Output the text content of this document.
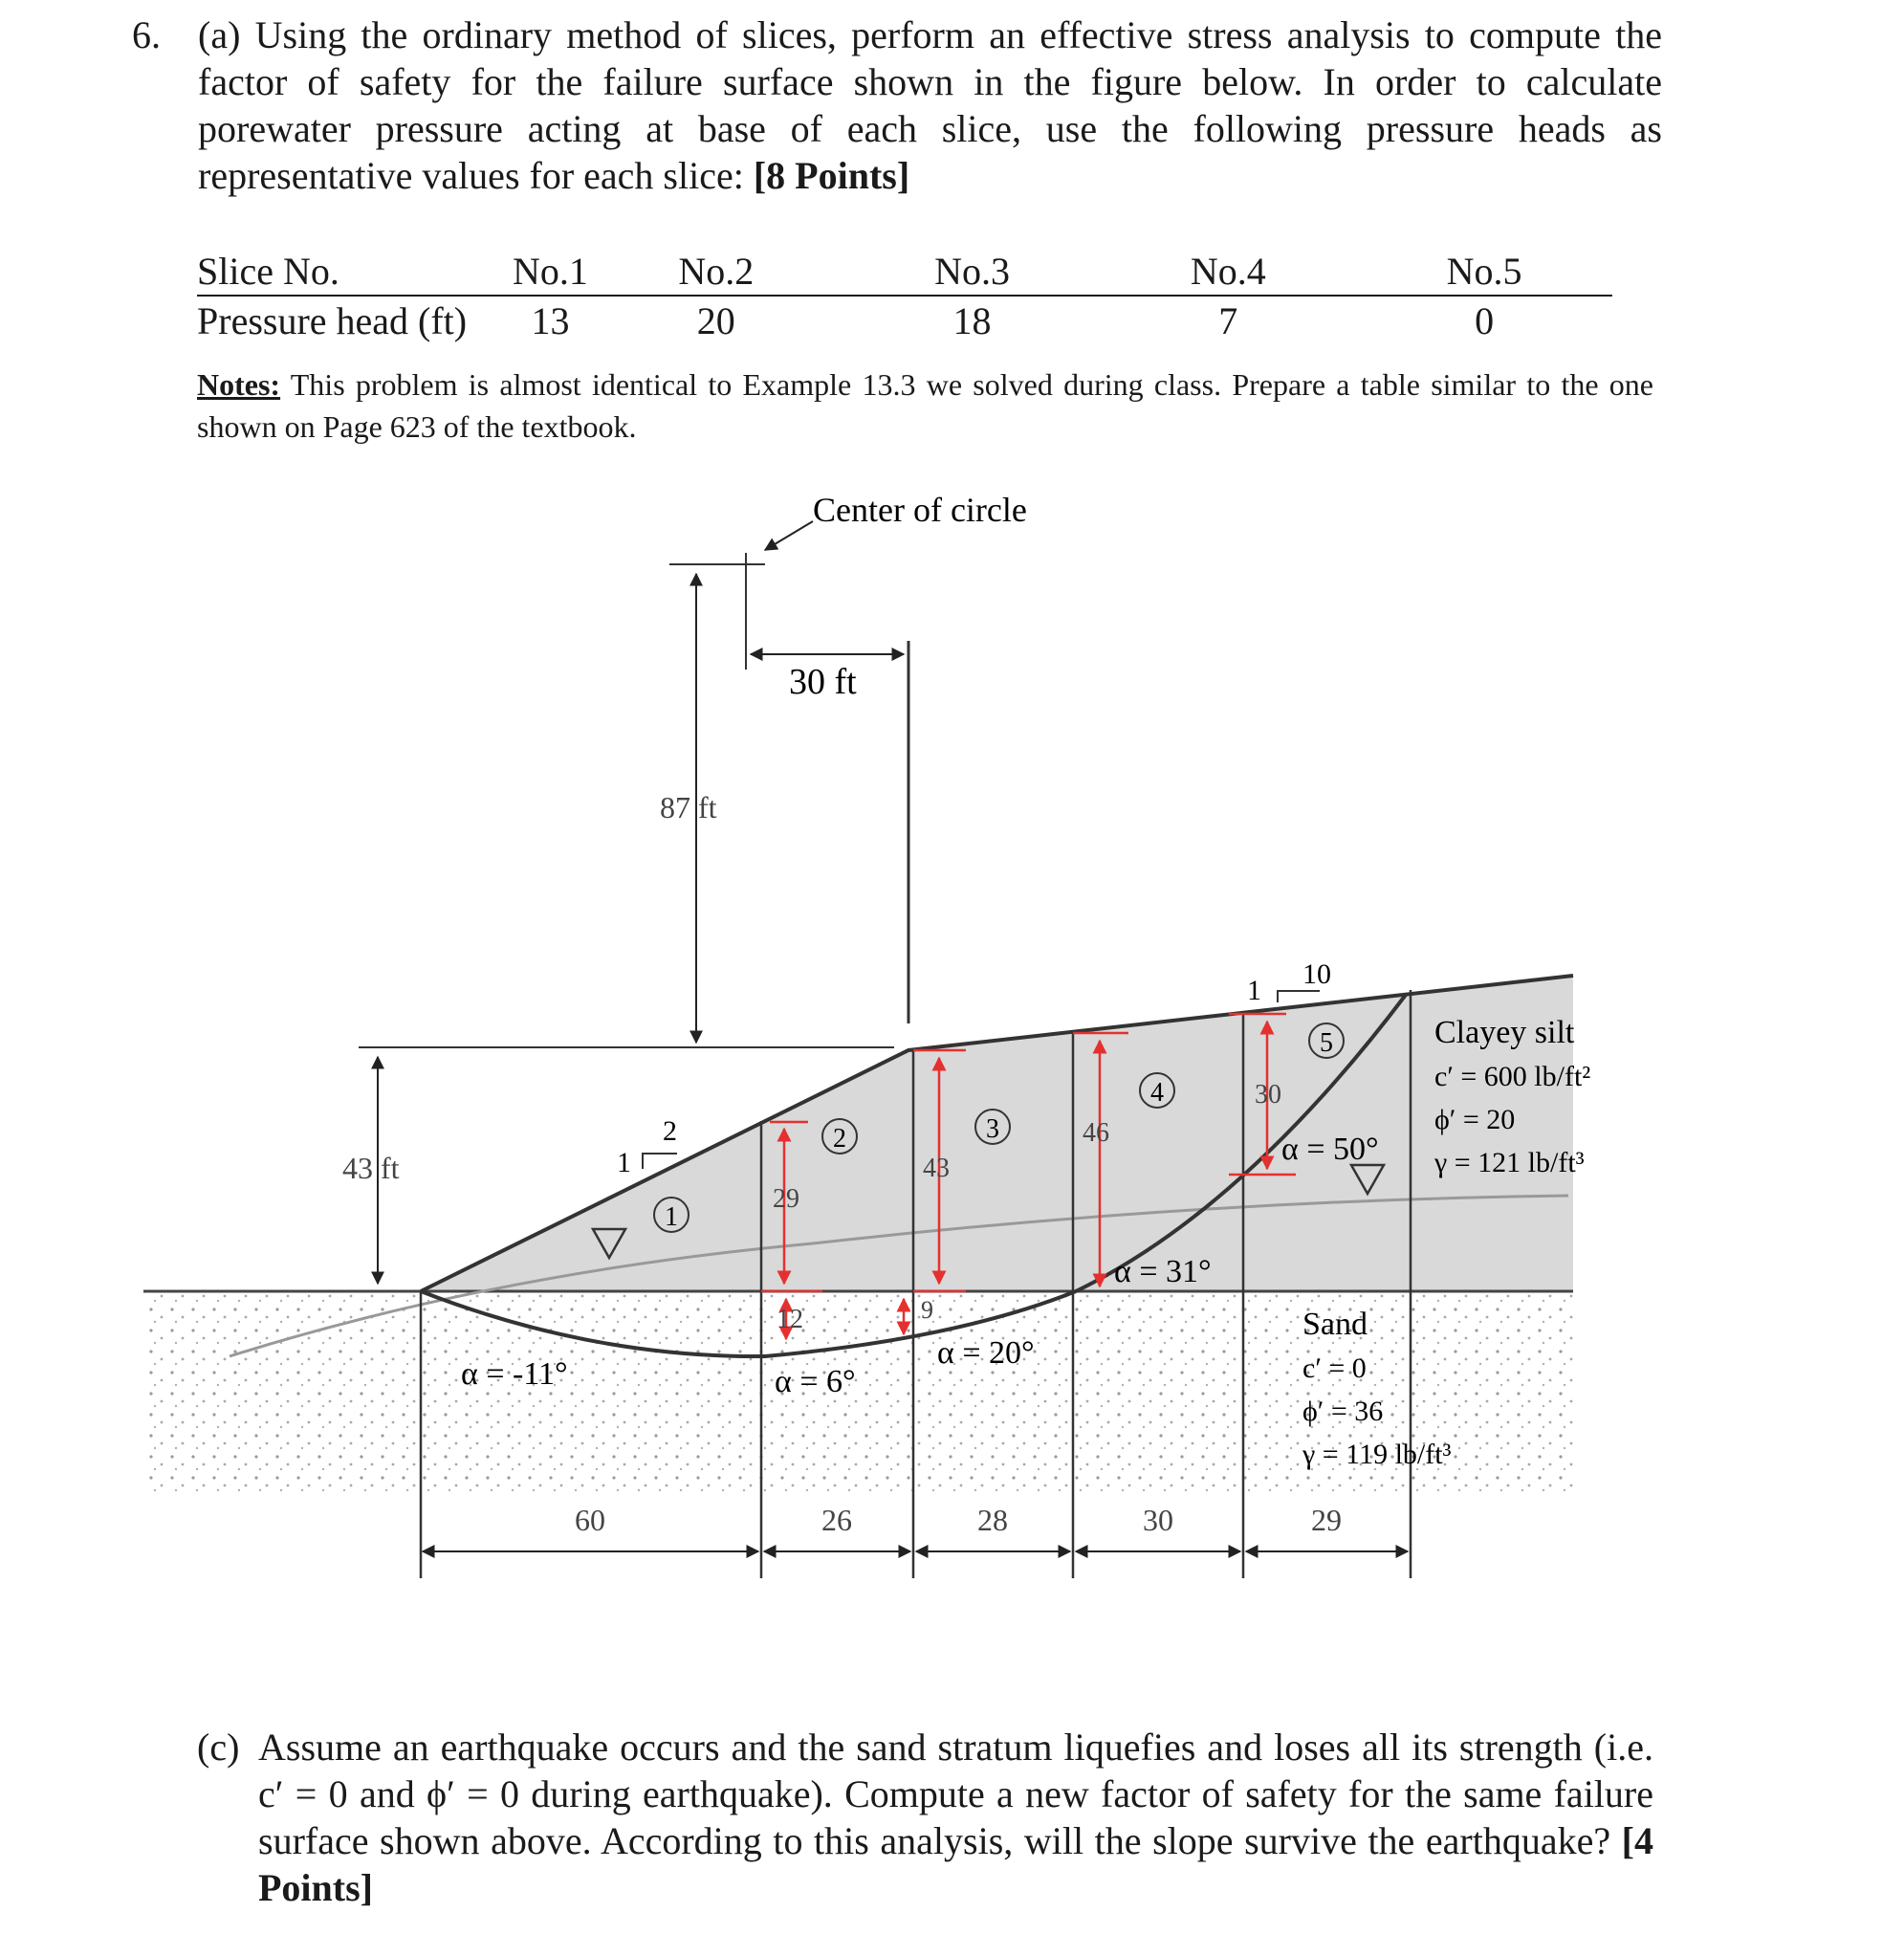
6. (a) Using the ordinary method of slices, perform an effective stress analysis to compute the factor of safety for the failure surface shown in the figure below. In order to calculate porewater pressure acting at base of each slice, use the following pressure heads as representative values for each slice: [8 Points]
Slice No.	No.1	No.2	No.3	No.4	No.5
Pressure head (ft)	13	20	18	7	0
Notes: This problem is almost identical to Example 13.3 we solved during class. Prepare a table similar to the one shown on Page 623 of the textbook.
Center of circle
87 ft
30 ft
43 ft	1
2
1
10
1
2	3
4
5
29
43
46
30
12	9
α = -11°	α = 6°
α = 20°
α = 31°
α = 50°
Clayey silt
c′ = 600 lb/ft²
ϕ′ = 20
γ = 121 lb/ft³
Sand
c′ = 0
ϕ′ = 36
γ = 119 lb/ft³
60	26	28	30	29
(c) Assume an earthquake occurs and the sand stratum liquefies and loses all its strength (i.e. c′ = 0 and ϕ′ = 0 during earthquake). Compute a new factor of safety for the same failure surface shown above. According to this analysis, will the slope survive the earthquake? [4 Points]
